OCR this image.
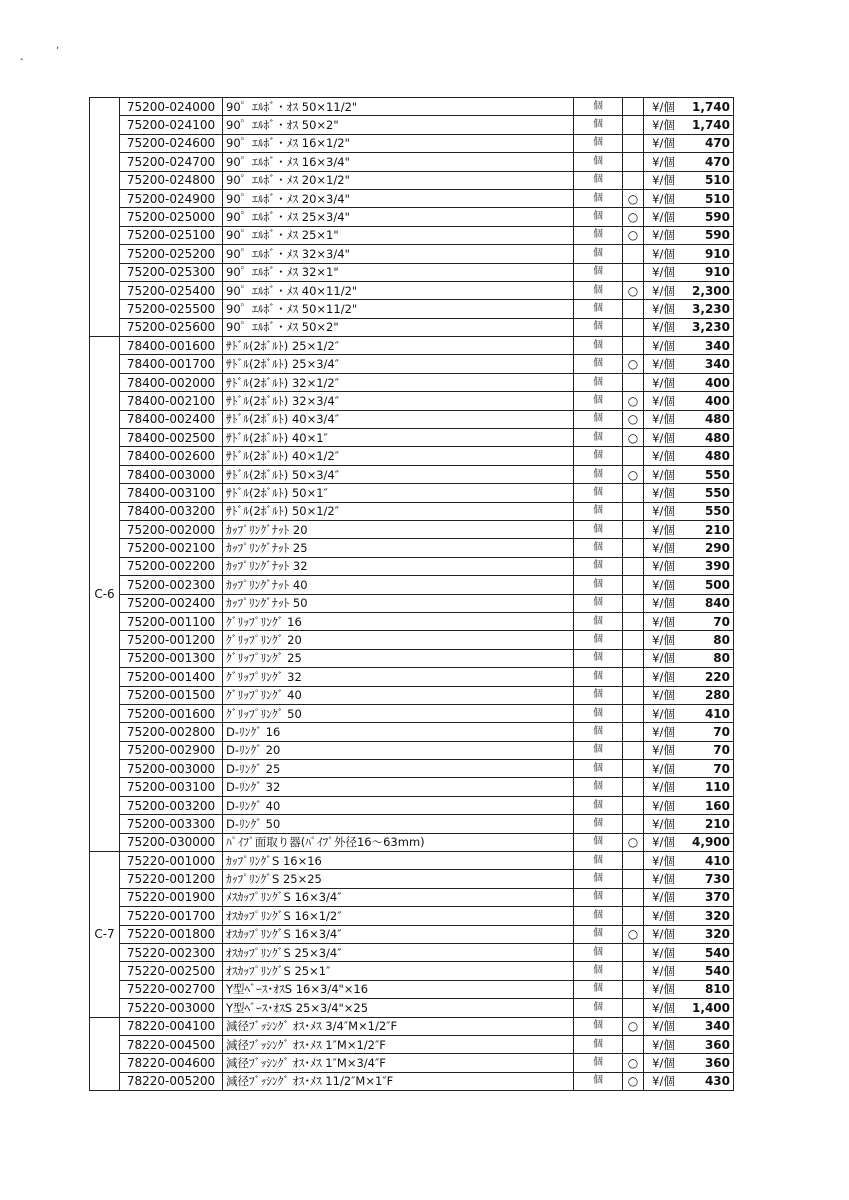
,
-
	75200-024000	90゜ｴﾙﾎﾞ・ｵｽ 50×11/2"	個		¥/個	1,740
	75200-024100	90゜ｴﾙﾎﾞ・ｵｽ 50×2"	個		¥/個	1,740
	75200-024600	90゜ｴﾙﾎﾞ・ﾒｽ 16×1/2"	個		¥/個	470
	75200-024700	90゜ｴﾙﾎﾞ・ﾒｽ 16×3/4"	個		¥/個	470
	75200-024800	90゜ｴﾙﾎﾞ・ﾒｽ 20×1/2"	個		¥/個	510
	75200-024900	90゜ｴﾙﾎﾞ・ﾒｽ 20×3/4"	個	○	¥/個	510
	75200-025000	90゜ｴﾙﾎﾞ・ﾒｽ 25×3/4"	個	○	¥/個	590
	75200-025100	90゜ｴﾙﾎﾞ・ﾒｽ 25×1"	個	○	¥/個	590
	75200-025200	90゜ｴﾙﾎﾞ・ﾒｽ 32×3/4"	個		¥/個	910
	75200-025300	90゜ｴﾙﾎﾞ・ﾒｽ 32×1"	個		¥/個	910
	75200-025400	90゜ｴﾙﾎﾞ・ﾒｽ 40×11/2"	個	○	¥/個	2,300
	75200-025500	90゜ｴﾙﾎﾞ・ﾒｽ 50×11/2"	個		¥/個	3,230
	75200-025600	90゜ｴﾙﾎﾞ・ﾒｽ 50×2"	個		¥/個	3,230
C-6	78400-001600	ｻﾄﾞﾙ(2ﾎﾞﾙﾄ) 25×1/2″	個		¥/個	340
	78400-001700	ｻﾄﾞﾙ(2ﾎﾞﾙﾄ) 25×3/4″	個	○	¥/個	340
	78400-002000	ｻﾄﾞﾙ(2ﾎﾞﾙﾄ) 32×1/2″	個		¥/個	400
	78400-002100	ｻﾄﾞﾙ(2ﾎﾞﾙﾄ) 32×3/4″	個	○	¥/個	400
	78400-002400	ｻﾄﾞﾙ(2ﾎﾞﾙﾄ) 40×3/4″	個	○	¥/個	480
	78400-002500	ｻﾄﾞﾙ(2ﾎﾞﾙﾄ) 40×1″	個	○	¥/個	480
	78400-002600	ｻﾄﾞﾙ(2ﾎﾞﾙﾄ) 40×1/2″	個		¥/個	480
	78400-003000	ｻﾄﾞﾙ(2ﾎﾞﾙﾄ) 50×3/4″	個	○	¥/個	550
	78400-003100	ｻﾄﾞﾙ(2ﾎﾞﾙﾄ) 50×1″	個		¥/個	550
	78400-003200	ｻﾄﾞﾙ(2ﾎﾞﾙﾄ) 50×1/2″	個		¥/個	550
	75200-002000	ｶｯﾌﾟﾘﾝｸﾞﾅｯﾄ 20	個		¥/個	210
	75200-002100	ｶｯﾌﾟﾘﾝｸﾞﾅｯﾄ 25	個		¥/個	290
	75200-002200	ｶｯﾌﾟﾘﾝｸﾞﾅｯﾄ 32	個		¥/個	390
	75200-002300	ｶｯﾌﾟﾘﾝｸﾞﾅｯﾄ 40	個		¥/個	500
	75200-002400	ｶｯﾌﾟﾘﾝｸﾞﾅｯﾄ 50	個		¥/個	840
	75200-001100	ｸﾞﾘｯﾌﾟﾘﾝｸﾞ 16	個		¥/個	70
	75200-001200	ｸﾞﾘｯﾌﾟﾘﾝｸﾞ 20	個		¥/個	80
	75200-001300	ｸﾞﾘｯﾌﾟﾘﾝｸﾞ 25	個		¥/個	80
	75200-001400	ｸﾞﾘｯﾌﾟﾘﾝｸﾞ 32	個		¥/個	220
	75200-001500	ｸﾞﾘｯﾌﾟﾘﾝｸﾞ 40	個		¥/個	280
	75200-001600	ｸﾞﾘｯﾌﾟﾘﾝｸﾞ 50	個		¥/個	410
	75200-002800	D-ﾘﾝｸﾞ 16	個		¥/個	70
	75200-002900	D-ﾘﾝｸﾞ 20	個		¥/個	70
	75200-003000	D-ﾘﾝｸﾞ 25	個		¥/個	70
	75200-003100	D-ﾘﾝｸﾞ 32	個		¥/個	110
	75200-003200	D-ﾘﾝｸﾞ 40	個		¥/個	160
	75200-003300	D-ﾘﾝｸﾞ 50	個		¥/個	210
	75200-030000	ﾊﾟｲﾌﾟ面取り器(ﾊﾟｲﾌﾟ外径16～63mm)	個	○	¥/個	4,900
C-7	75220-001000	ｶｯﾌﾟﾘﾝｸﾞS 16×16	個		¥/個	410
	75220-001200	ｶｯﾌﾟﾘﾝｸﾞS 25×25	個		¥/個	730
	75220-001900	ﾒｽｶｯﾌﾟﾘﾝｸﾞS 16×3/4″	個		¥/個	370
	75220-001700	ｵｽｶｯﾌﾟﾘﾝｸﾞS 16×1/2″	個		¥/個	320
	75220-001800	ｵｽｶｯﾌﾟﾘﾝｸﾞS 16×3/4″	個	○	¥/個	320
	75220-002300	ｵｽｶｯﾌﾟﾘﾝｸﾞS 25×3/4″	個		¥/個	540
	75220-002500	ｵｽｶｯﾌﾟﾘﾝｸﾞS 25×1″	個		¥/個	540
	75220-002700	Y型ﾍﾞｰｽ･ｵｽS 16×3/4"×16	個		¥/個	810
	75220-003000	Y型ﾍﾞｰｽ･ｵｽS 25×3/4"×25	個		¥/個	1,400
	78220-004100	減径ﾌﾞｯｼﾝｸﾞ ｵｽ･ﾒｽ 3/4″M×1/2″F	個	○	¥/個	340
	78220-004500	減径ﾌﾞｯｼﾝｸﾞ ｵｽ･ﾒｽ 1″M×1/2″F	個		¥/個	360
	78220-004600	減径ﾌﾞｯｼﾝｸﾞ ｵｽ･ﾒｽ 1″M×3/4″F	個	○	¥/個	360
	78220-005200	減径ﾌﾞｯｼﾝｸﾞ ｵｽ･ﾒｽ 11/2″M×1″F	個	○	¥/個	430
